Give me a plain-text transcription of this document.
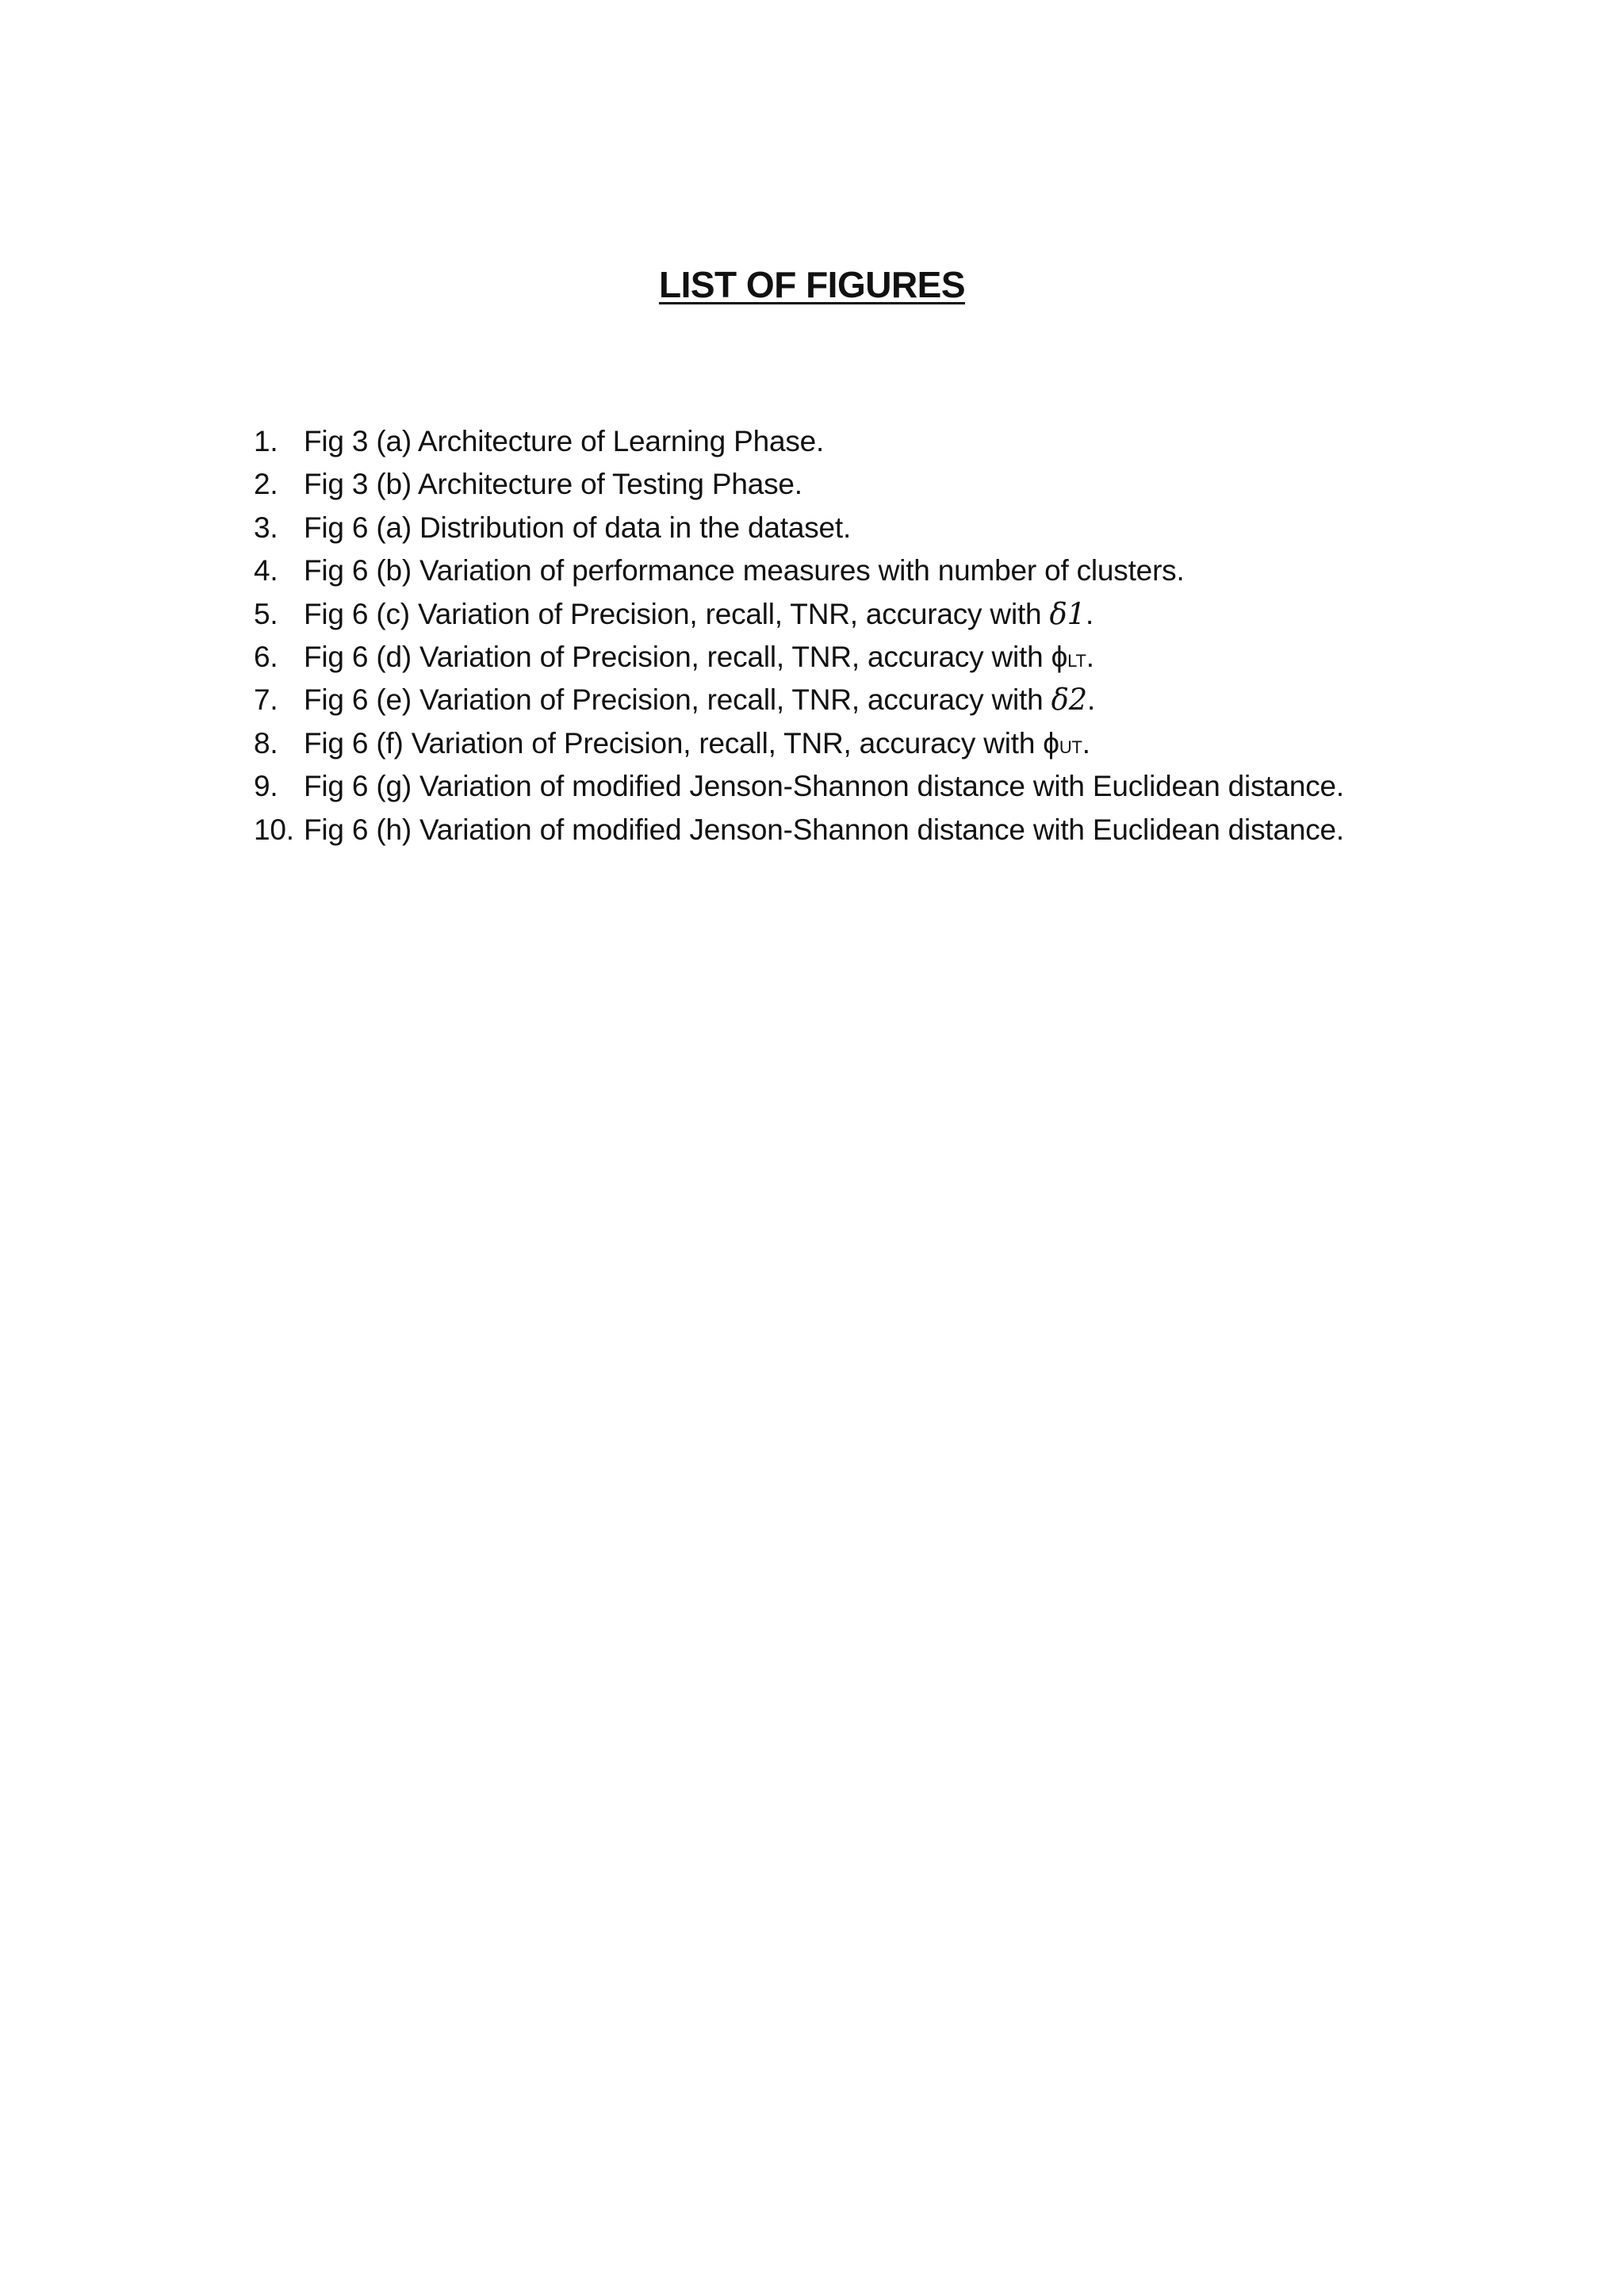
LIST OF FIGURES
1. Fig 3 (a) Architecture of Learning Phase.
2. Fig 3 (b) Architecture of Testing Phase.
3. Fig 6 (a) Distribution of data in the dataset.
4. Fig 6 (b) Variation of performance measures with number of clusters.
5. Fig 6 (c) Variation of Precision, recall, TNR, accuracy with δ1.
6. Fig 6 (d) Variation of Precision, recall, TNR, accuracy with ϕLT.
7. Fig 6 (e) Variation of Precision, recall, TNR, accuracy with δ2.
8. Fig 6 (f) Variation of Precision, recall, TNR, accuracy with ϕUT.
9. Fig 6 (g) Variation of modified Jenson-Shannon distance with Euclidean distance.
10. Fig 6 (h) Variation of modified Jenson-Shannon distance with Euclidean distance.
